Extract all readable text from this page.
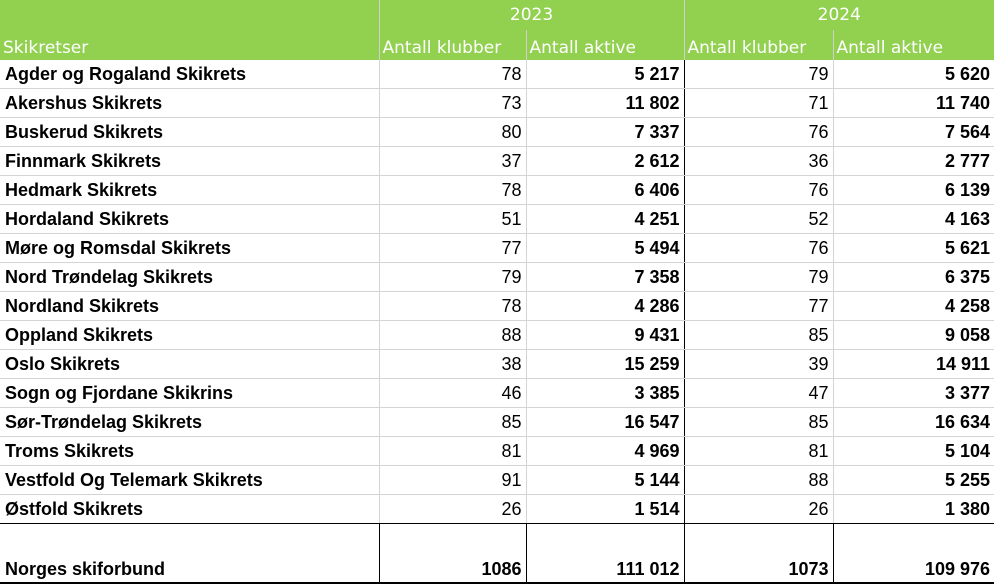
	2023		2024	
Skikretser	Antall klubber	Antall aktive	Antall klubber	Antall aktive
Agder og Rogaland Skikrets	78	5 217	79	5 620
Akershus Skikrets	73	11 802	71	11 740
Buskerud Skikrets	80	7 337	76	7 564
Finnmark Skikrets	37	2 612	36	2 777
Hedmark Skikrets	78	6 406	76	6 139
Hordaland Skikrets	51	4 251	52	4 163
Møre og Romsdal Skikrets	77	5 494	76	5 621
Nord Trøndelag Skikrets	79	7 358	79	6 375
Nordland Skikrets	78	4 286	77	4 258
Oppland Skikrets	88	9 431	85	9 058
Oslo Skikrets	38	15 259	39	14 911
Sogn og Fjordane Skikrins	46	3 385	47	3 377
Sør-Trøndelag Skikrets	85	16 547	85	16 634
Troms Skikrets	81	4 969	81	5 104
Vestfold Og Telemark Skikrets	91	5 144	88	5 255
Østfold Skikrets	26	1 514	26	1 380
Norges skiforbund	1086	111 012	1073	109 976
